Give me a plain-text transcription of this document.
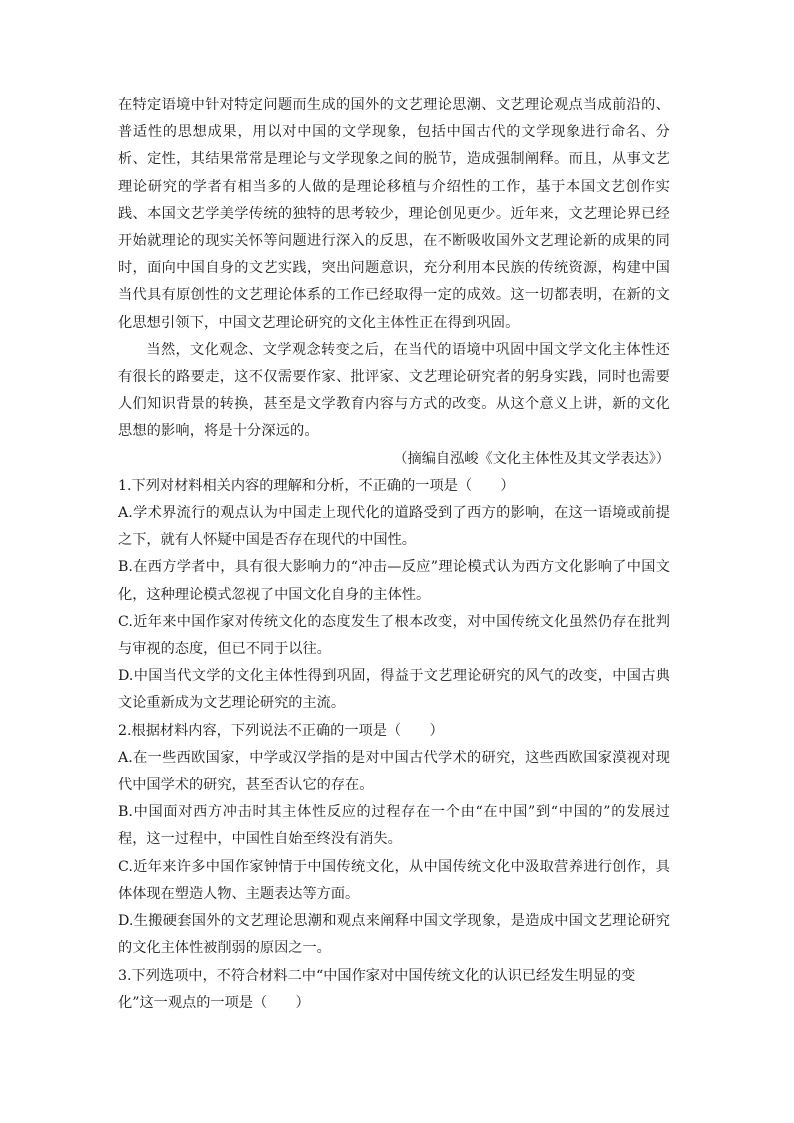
在特定语境中针对特定问题而生成的国外的文艺理论思潮、文艺理论观点当成前沿的、普适性的思想成果，用以对中国的文学现象，包括中国古代的文学现象进行命名、分析、定性，其结果常常是理论与文学现象之间的脱节，造成强制阐释。而且，从事文艺理论研究的学者有相当多的人做的是理论移植与介绍性的工作，基于本国文艺创作实践、本国文艺学美学传统的独特的思考较少，理论创见更少。近年来，文艺理论界已经开始就理论的现实关怀等问题进行深入的反思，在不断吸收国外文艺理论新的成果的同时，面向中国自身的文艺实践，突出问题意识，充分利用本民族的传统资源，构建中国当代具有原创性的文艺理论体系的工作已经取得一定的成效。这一切都表明，在新的文化思想引领下，中国文艺理论研究的文化主体性正在得到巩固。

当然，文化观念、文学观念转变之后，在当代的语境中巩固中国文学文化主体性还有很长的路要走，这不仅需要作家、批评家、文艺理论研究者的躬身实践，同时也需要人们知识背景的转换，甚至是文学教育内容与方式的改变。从这个意义上讲，新的文化思想的影响，将是十分深远的。

（摘编自泓峻《文化主体性及其文学表达》）

1.下列对材料相关内容的理解和分析，不正确的一项是（　　）

A.学术界流行的观点认为中国走上现代化的道路受到了西方的影响，在这一语境或前提之下，就有人怀疑中国是否存在现代的中国性。

B.在西方学者中，具有很大影响力的“冲击—反应”理论模式认为西方文化影响了中国文化，这种理论模式忽视了中国文化自身的主体性。

C.近年来中国作家对传统文化的态度发生了根本改变，对中国传统文化虽然仍存在批判与审视的态度，但已不同于以往。

D.中国当代文学的文化主体性得到巩固，得益于文艺理论研究的风气的改变，中国古典文论重新成为文艺理论研究的主流。

2.根据材料内容，下列说法不正确的一项是（　　）

A.在一些西欧国家，中学或汉学指的是对中国古代学术的研究，这些西欧国家漠视对现代中国学术的研究，甚至否认它的存在。

B.中国面对西方冲击时其主体性反应的过程存在一个由“在中国”到“中国的”的发展过程，这一过程中，中国性自始至终没有消失。

C.近年来许多中国作家钟情于中国传统文化，从中国传统文化中汲取营养进行创作，具体体现在塑造人物、主题表达等方面。

D.生搬硬套国外的文艺理论思潮和观点来阐释中国文学现象，是造成中国文艺理论研究的文化主体性被削弱的原因之一。

3.下列选项中，不符合材料二中“中国作家对中国传统文化的认识已经发生明显的变化”这一观点的一项是（　　）
